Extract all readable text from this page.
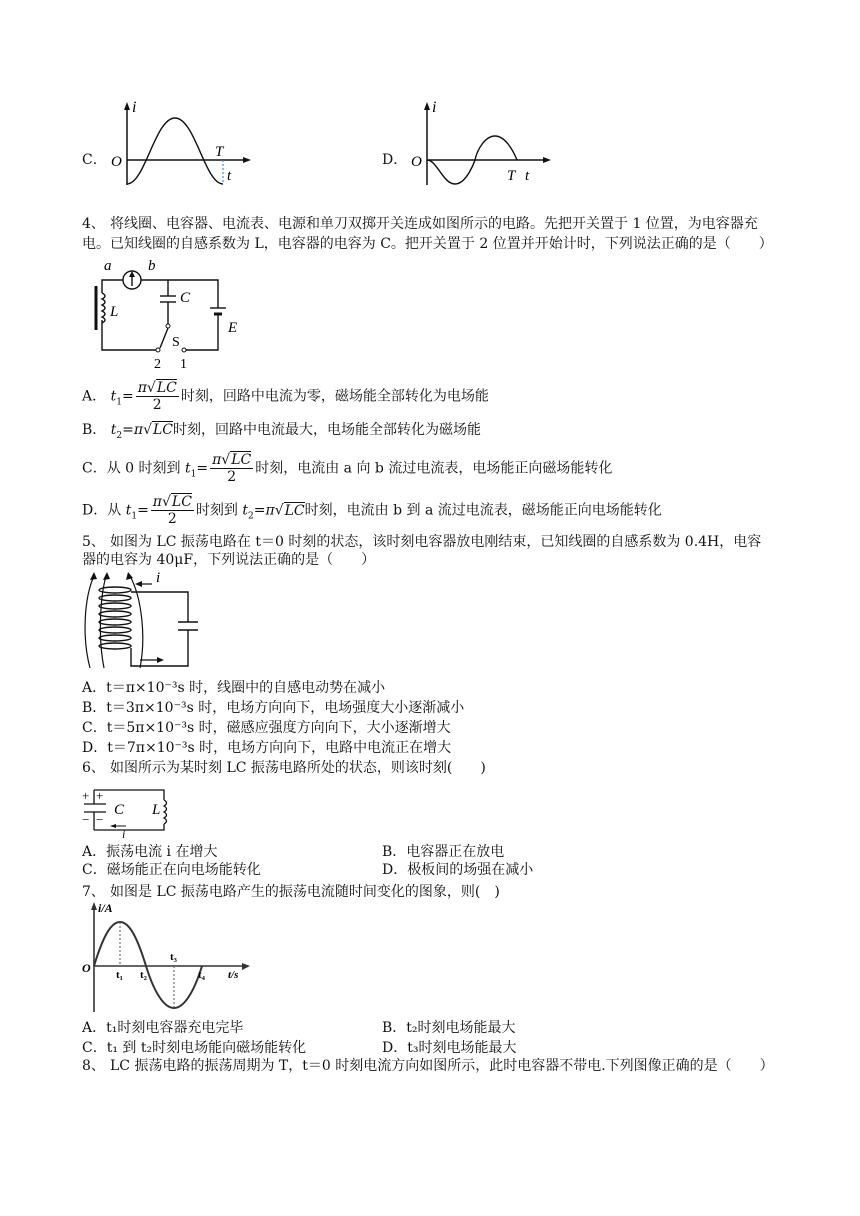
C．
i
O
T
t
D．
i
O
T t
4、 将线圈、电容器、电流表、电源和单刀双掷开关连成如图所示的电路。先把开关置于 1 位置，为电容器充
电。已知线圈的自感系数为 L，电容器的电容为 C。把开关置于 2 位置并开始计时，下列说法正确的是（　　）
a b
C
L
E
S
2 1
A． $t_1= \frac{\pi√LC}{2}$ 时刻，回路中电流为零，磁场能全部转化为电场能
B． $t_2=\pi√LC$时刻，回路中电流最大，电场能全部转化为磁场能
C．从 0 时刻到 $t_1= \frac{\pi√LC}{2}$ 时刻，电流由 a 向 b 流过电流表，电场能正向磁场能转化
D．从 $t_1= \frac{\pi√LC}{2}$ 时刻到 $t_2=\pi√LC$时刻，电流由 b 到 a 流过电流表，磁场能正向电场能转化
5、 如图为 LC 振荡电路在 t＝0 时刻的状态，该时刻电容器放电刚结束，已知线圈的自感系数为 0.4H，电容
器的电容为 40μF，下列说法正确的是（　　）
i
A．t＝π×10⁻³s 时，线圈中的自感电动势在减小
B．t＝3π×10⁻³s 时，电场方向向下，电场强度大小逐渐减小
C．t＝5π×10⁻³s 时，磁感应强度方向向下，大小逐渐增大
D．t＝7π×10⁻³s 时，电场方向向下，电路中电流正在增大
6、 如图所示为某时刻 LC 振荡电路所处的状态，则该时刻(　　)
+ +
− −
C L
i
A．振荡电流 i 在增大	B．电容器正在放电
C．磁场能正在向电场能转化	D．极板间的场强在减小
7、 如图是 LC 振荡电路产生的振荡电流随时间变化的图象，则(　)
i/A
O t₁ t₂
t₃
t₄ t/s
A．t₁时刻电容器充电完毕	B．t₂时刻电场能最大
C．t₁ 到 t₂时刻电场能向磁场能转化	D．t₃时刻电场能最大
8、 LC 振荡电路的振荡周期为 T，t＝0 时刻电流方向如图所示，此时电容器不带电.下列图像正确的是（　　）
